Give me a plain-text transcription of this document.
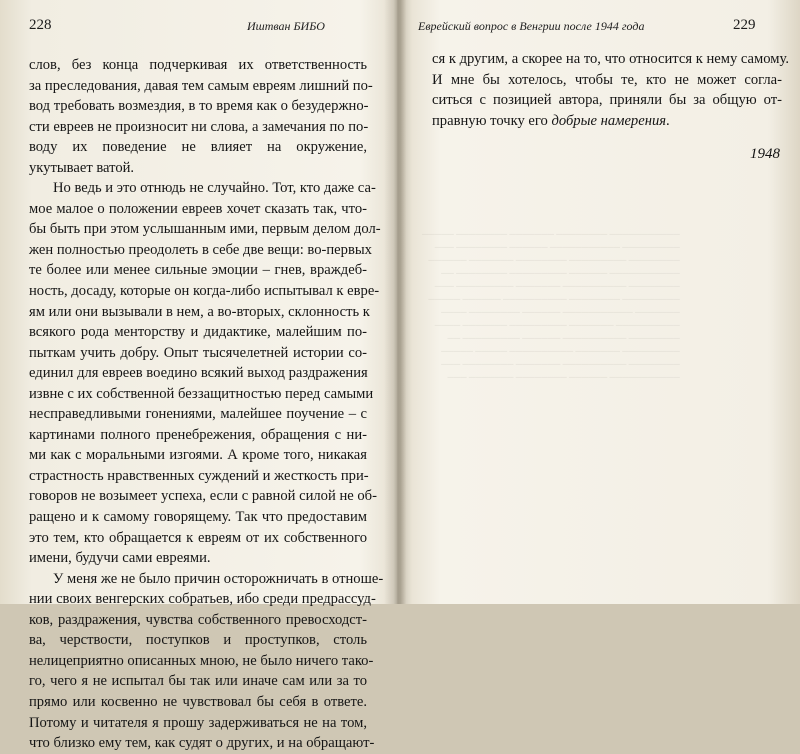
228	Иштван БИБО
слов, без конца подчеркивая их ответственность
за преследования, давая тем самым евреям лишний по-
вод требовать возмездия, в то время как о безудержно-
сти евреев не произносит ни слова, а замечания по по-
воду их поведение не влияет на окружение,
укутывает ватой.
Но ведь и это отнюдь не случайно. Тот, кто даже са-
мое малое о положении евреев хочет сказать так, что-
бы быть при этом услышанным ими, первым делом дол-
жен полностью преодолеть в себе две вещи: во-первых
те более или менее сильные эмоции – гнев, враждеб-
ность, досаду, которые он когда-либо испытывал к евре-
ям или они вызывали в нем, а во-вторых, склонность к
всякого рода менторству и дидактике, малейшим по-
пыткам учить добру. Опыт тысячелетней истории со-
единил для евреев воедино всякий выход раздражения
извне с их собственной беззащитностью перед самыми
несправедливыми гонениями, малейшее поучение – с
картинами полного пренебрежения, обращения с ни-
ми как с моральными изгоями. А кроме того, никакая
страстность нравственных суждений и жесткость при-
говоров не возымеет успеха, если с равной силой не об-
ращено и к самому говорящему. Так что предоставим
это тем, кто обращается к евреям от их собственного
имени, будучи сами евреями.
У меня же не было причин осторожничать в отноше-
нии своих венгерских собратьев, ибо среди предрассуд-
ков, раздражения, чувства собственного превосходст-
ва, черствости, поступков и проступков, столь
нелицеприятно описанных мною, не было ничего тако-
го, чего я не испытал бы так или иначе сам или за то
прямо или косвенно не чувствовал бы себя в ответе.
Потому и читателя я прошу задерживаться не на том,
что близко ему тем, как судят о других, и на обращают-
Еврейский вопрос в Венгрии после 1944 года	229
ся к другим, а скорее на то, что относится к нему самому.
И мне бы хотелось, чтобы те, кто не может согла-
ситься с позицией автора, приняли бы за общую от-
правную точку его добрые намерения.
1948
─────────── ──────── ─────── ──────── ─────
───────── ─────────── ────── ──────── ───
──────── ───────── ──────── ─────── ──────
─────────── ────── ───────── ──────── ──
──────── ────────── ─────── ───────── ───
───────── ──────── ────────── ────── ─────
─────── ─────────── ────── ──────── ────
────────── ─────── ───────── ─────── ────
──────── ────────── ────── ───────── ──
───────── ─────── ────────── ───── ─────
──────── ────────── ─────── ──────── ───
─────────── ────── ──────── ─────── ───
